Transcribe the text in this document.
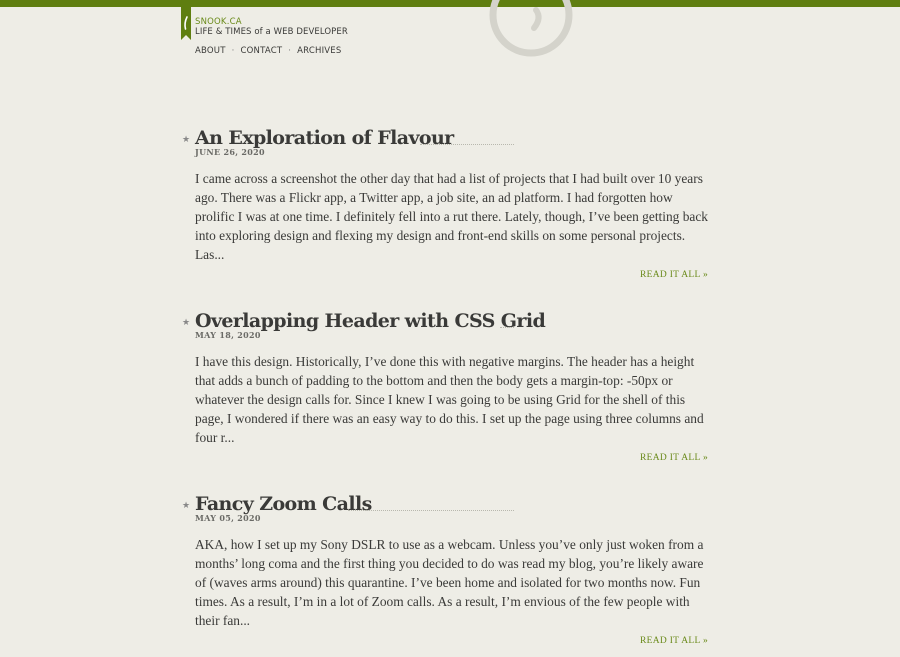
SNOOK.CA
LIFE & TIMES of a WEB DEVELOPER
ABOUT · CONTACT · ARCHIVES
★ An Exploration of Flavour
JUNE 26, 2020

I came across a screenshot the other day that had a list of projects that I had built over 10 years ago. There was a Flickr app, a Twitter app, a job site, an ad platform. I had forgotten how prolific I was at one time. I definitely fell into a rut there. Lately, though, I’ve been getting back into exploring design and flexing my design and front-end skills on some personal projects. Las...

READ IT ALL »
★ Overlapping Header with CSS Grid
MAY 18, 2020

I have this design. Historically, I’ve done this with negative margins. The header has a height that adds a bunch of padding to the bottom and then the body gets a margin-top: -50px or whatever the design calls for. Since I knew I was going to be using Grid for the shell of this page, I wondered if there was an easy way to do this. I set up the page using three columns and four r...

READ IT ALL »
★ Fancy Zoom Calls
MAY 05, 2020

AKA, how I set up my Sony DSLR to use as a webcam. Unless you’ve only just woken from a months’ long coma and the first thing you decided to do was read my blog, you’re likely aware of (waves arms around) this quarantine. I’ve been home and isolated for two months now. Fun times. As a result, I’m in a lot of Zoom calls. As a result, I’m envious of the few people with their fan...

READ IT ALL »
